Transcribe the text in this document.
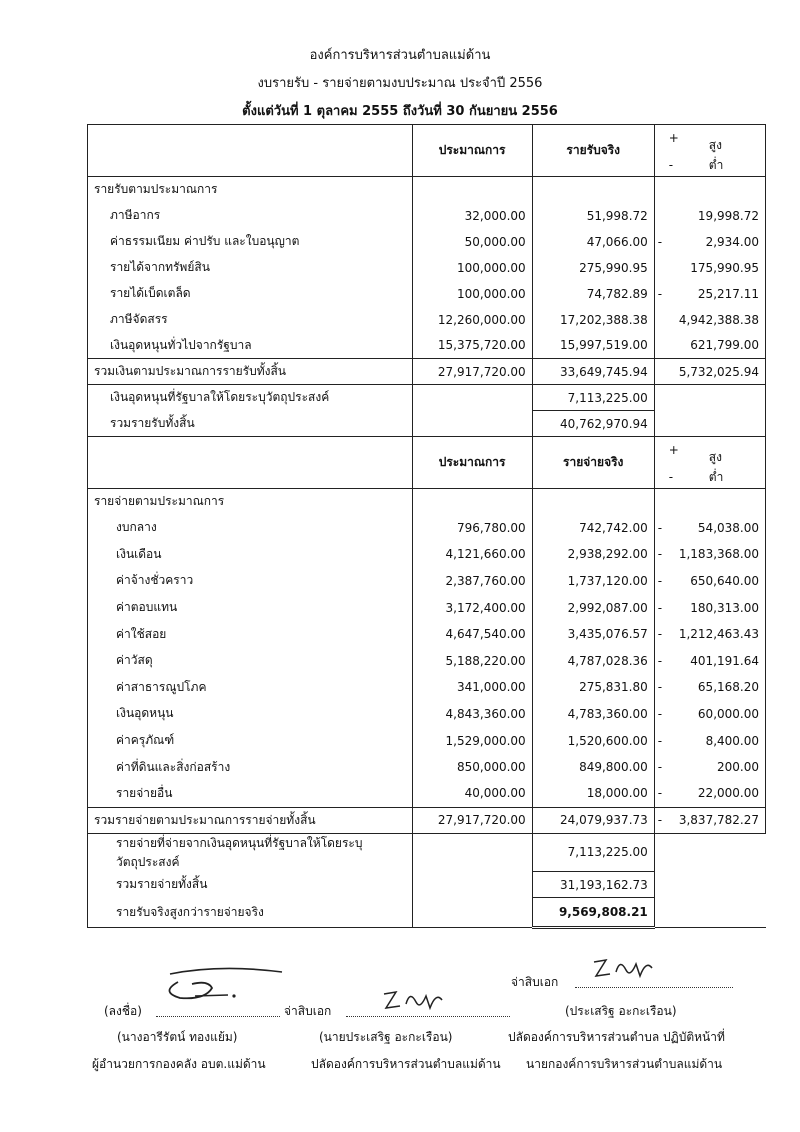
องค์การบริหารส่วนตำบลแม่ด้าน
งบรายรับ - รายจ่ายตามงบประมาณ ประจำปี 2556
ตั้งแต่วันที่ 1 ตุลาคม 2555 ถึงวันที่ 30 กันยายน 2556

	ประมาณการ	รายรับจริง	+ สูง
- ต่ำ

รายรับตามประมาณการ			
ภาษีอากร	32,000.00	51,998.72	19,998.72
ค่าธรรมเนียม ค่าปรับ และใบอนุญาต	50,000.00	47,066.00	- 2,934.00
รายได้จากทรัพย์สิน	100,000.00	275,990.95	175,990.95
รายได้เบ็ดเตล็ด	100,000.00	74,782.89	- 25,217.11
ภาษีจัดสรร	12,260,000.00	17,202,388.38	4,942,388.38
เงินอุดหนุนทั่วไปจากรัฐบาล	15,375,720.00	15,997,519.00	621,799.00
รวมเงินตามประมาณการรายรับทั้งสิ้น	27,917,720.00	33,649,745.94	5,732,025.94
เงินอุดหนุนที่รัฐบาลให้โดยระบุวัตถุประสงค์		7,113,225.00	
รวมรายรับทั้งสิ้น		40,762,970.94	

	ประมาณการ	รายจ่ายจริง	+ สูง
- ต่ำ

รายจ่ายตามประมาณการ			
งบกลาง	796,780.00	742,742.00	- 54,038.00
เงินเดือน	4,121,660.00	2,938,292.00	- 1,183,368.00
ค่าจ้างชั่วคราว	2,387,760.00	1,737,120.00	- 650,640.00
ค่าตอบแทน	3,172,400.00	2,992,087.00	- 180,313.00
ค่าใช้สอย	4,647,540.00	3,435,076.57	- 1,212,463.43
ค่าวัสดุ	5,188,220.00	4,787,028.36	- 401,191.64
ค่าสาธารณูปโภค	341,000.00	275,831.80	- 65,168.20
เงินอุดหนุน	4,843,360.00	4,783,360.00	- 60,000.00
ค่าครุภัณฑ์	1,529,000.00	1,520,600.00	- 8,400.00
ค่าที่ดินและสิ่งก่อสร้าง	850,000.00	849,800.00	- 200.00
รายจ่ายอื่น	40,000.00	18,000.00	- 22,000.00
รวมรายจ่ายตามประมาณการรายจ่ายทั้งสิ้น	27,917,720.00	24,079,937.73	- 3,837,782.27
รายจ่ายที่จ่ายจากเงินอุดหนุนที่รัฐบาลให้โดยระบุวัตถุประสงค์		7,113,225.00	
รวมรายจ่ายทั้งสิ้น		31,193,162.73	
รายรับจริงสูงกว่ารายจ่ายจริง		9,569,808.21	
(ลงชื่อ)	จ่าสิบเอก
จ่าสิบเอก
(ประเสริฐ อะกะเรือน)
(นางอารีรัตน์ ทองแย้ม)	(นายประเสริฐ อะกะเรือน)	ปลัดองค์การบริหารส่วนตำบล ปฏิบัติหน้าที่
ผู้อำนวยการกองคลัง อบต.แม่ด้าน	ปลัดองค์การบริหารส่วนตำบลแม่ด้าน นายกองค์การบริหารส่วนตำบลแม่ด้าน
